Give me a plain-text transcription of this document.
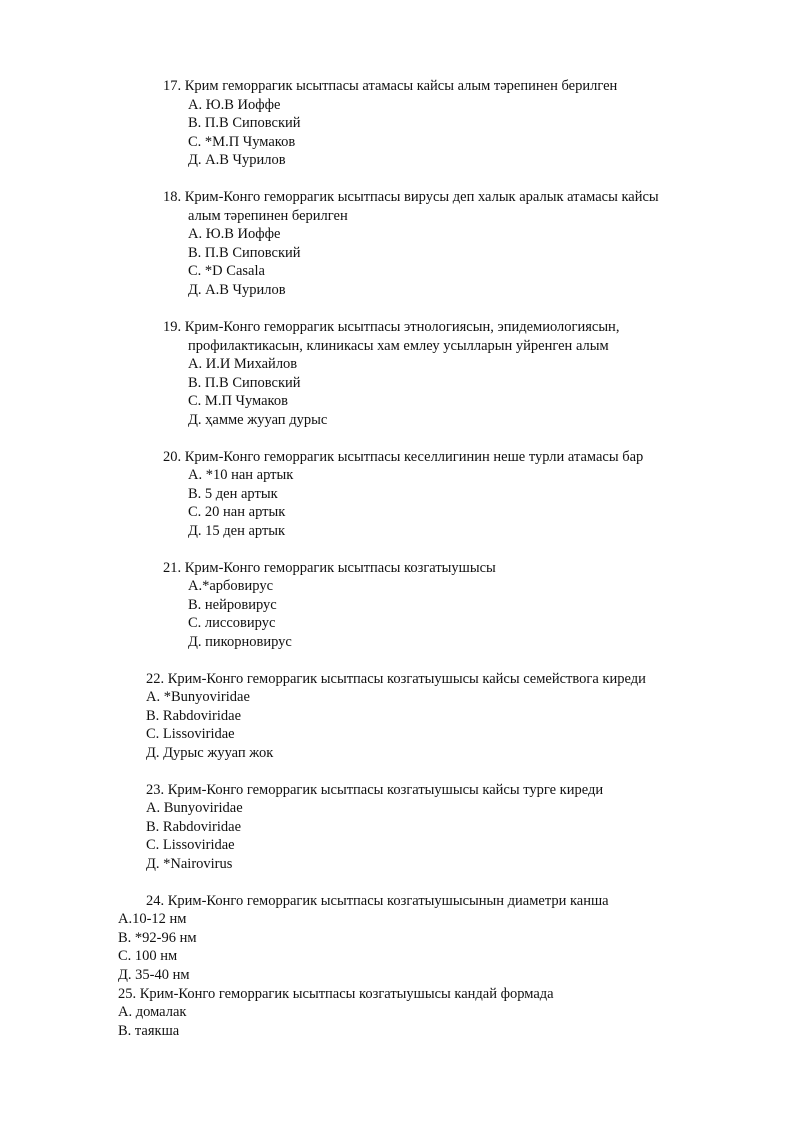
17. Крим геморрагик ысытпасы атамасы кайсы алым тәрепинен берилген
А. Ю.В Иоффе
В. П.В Сиповский
С. *М.П Чумаков
Д. А.В Чурилов
18. Крим-Конго геморрагик ысытпасы вирусы деп халык аралык атамасы кайсы
алым тәрепинен берилген
А. Ю.В Иоффе
В. П.В Сиповский
С. *D Casala
Д. А.В Чурилов
19. Крим-Конго геморрагик ысытпасы этнологиясын, эпидемиологиясын,
профилактикасын, клиникасы хам емлеу усылларын уйренген алым
А. И.И Михайлов
В. П.В Сиповский
С. М.П Чумаков
Д. ҳамме жууап дурыс
20. Крим-Конго геморрагик ысытпасы кеселлигинин неше турли атамасы бар
А. *10 нан артык
В. 5 ден артык
С. 20 нан артык
Д. 15 ден артык
21. Крим-Конго геморрагик ысытпасы козгатыушысы
А.*арбовирус
В. нейровирус
С. лиссовирус
Д. пикорновирус
22. Крим-Конго геморрагик ысытпасы козгатыушысы кайсы семейcтвога киреди
A. *Bunyoviridae
B. Rabdoviridae
C. Lissoviridae
Д. Дурыс жууап жок
23. Крим-Конго геморрагик ысытпасы козгатыушысы кайсы турге киреди
A. Bunyoviridae
B. Rabdoviridae
C. Lissoviridae
Д. *Nairovirus
24. Крим-Конго геморрагик ысытпасы козгатыушысынын диаметри канша
А.10-12 нм
В. *92-96 нм
С. 100 нм
Д. 35-40 нм
25. Крим-Конго геморрагик ысытпасы козгатыушысы кандай формада
А. домалак
В. таякша
